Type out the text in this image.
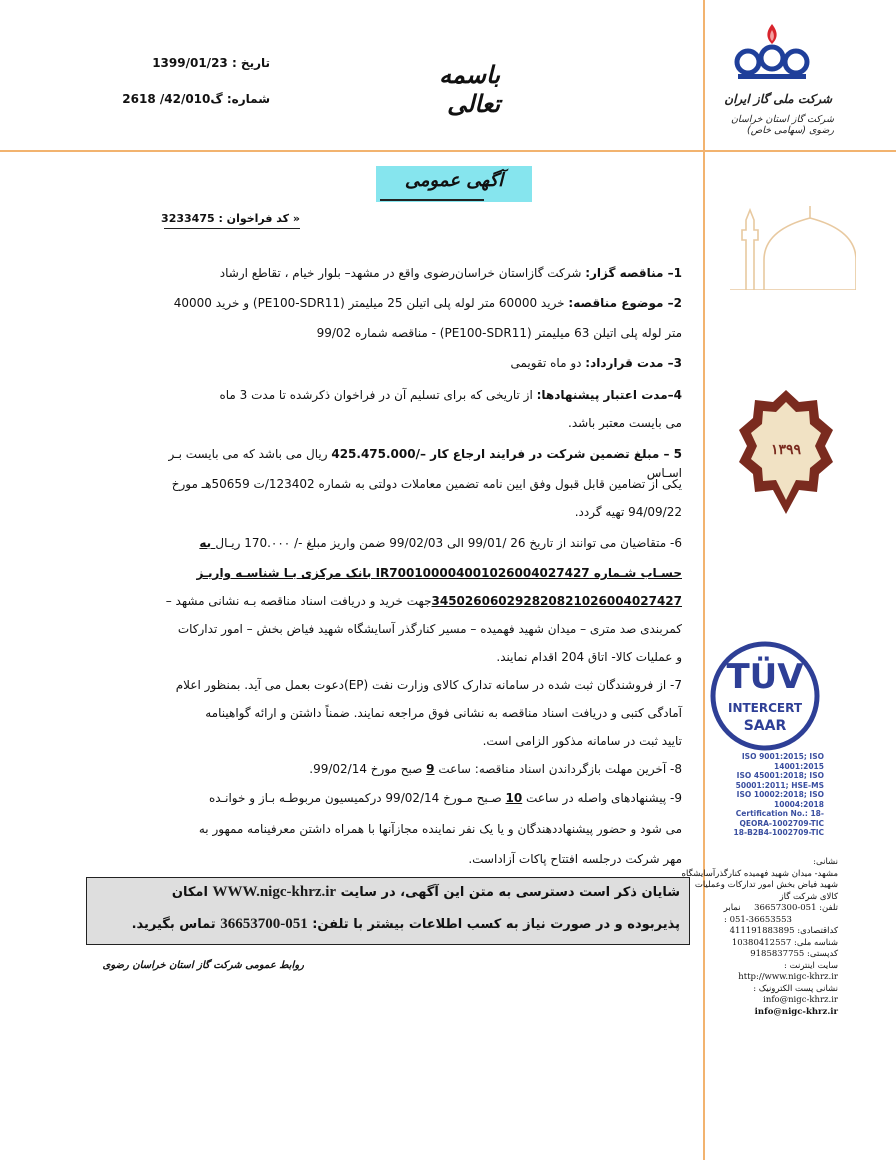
تاریخ : 1399/01/23
شماره: گ42/010/ 2618
باسمه تعالی	شرکت ملی گاز ایران
شرکت گاز استان خراسان رضوی (سهامی خاص)
آگهی عمومی
« کد فراخوان : 3233475
1– مناقصه گزار: شرکت گازاستان خراسان‌رضوی واقع در مشهد– بلوار خیام ، تقاطع ارشاد
2– موضوع مناقصه: خرید 60000 متر لوله پلی اتیلن 25 میلیمتر (PE100-SDR11) و خرید 40000
متر لوله پلی اتیلن 63 میلیمتر (PE100-SDR11) - مناقصه شماره 99/02
3– مدت قرارداد: دو ماه تقویمی
4–مدت اعتبار پیشنهادها: از تاریخی که برای تسلیم آن در فراخوان ذکرشده تا مدت 3 ماه
می بایست معتبر باشد.
5 – مبلغ تضمین شرکت در فرایند ارجاع کار –/425.475.000 ریال می باشد که می بایست بـر اسـاس
یکی از تضامین قابل قبول وفق ایین نامه تضمین معاملات دولتی به شماره 123402/ت 50659هـ مورخ
94/09/22 تهیه گردد.
6- متقاضیان می توانند از تاریخ 26 /99/01 الی 99/02/03 ضمن واریز مبلغ -/ 170.۰۰۰ ریـال به
حسـاب شـماره IR700100004001026004027427 بانک مرکزی بـا شناسـه واریـز
345026060292820821026004027427جهت خرید و دریافت اسناد مناقصه بـه نشانی مشهد –
کمربندی صد متری – میدان شهید فهمیده – مسیر کنارگذر آسایشگاه شهید فیاض بخش – امور تدارکات
و عملیات کالا- اتاق 204 اقدام نمایند.
7- از فروشندگان ثبت شده در سامانه تدارک کالای وزارت نفت (EP)دعوت بعمل می آید. بمنظور اعلام
آمادگی کتبی و دریافت اسناد مناقصه به نشانی فوق مراجعه نمایند. ضمناً داشتن و ارائه گواهینامه
تایید ثبت در سامانه مذکور الزامی است.
8- آخرین مهلت بازگرداندن اسناد مناقصه: ساعت 9 صبح مورخ 99/02/14.
9- پیشنهادهای واصله در ساعت 10 صـبح مـورخ 99/02/14 درکمیسیون مربوطـه بـاز و خوانـده
می شود و حضور پیشنهاددهندگان و یا یک نفر نماینده مجازآنها با همراه داشتن معرفینامه ممهور به
مهر شرکت درجلسه افتتاح پاکات آزاداست.
شایان ذکر است دسترسی به متن این آگهی، در سایت WWW.nigc-khrz.ir امکان
پذیربوده و در صورت نیاز به کسب اطلاعات بیشتر با تلفن: 051-36653700 تماس بگیرید.
روابط عمومی شرکت گاز استان خراسان رضوی
۱۳۹۹
TÜV
INTERCERT
SAAR
ISO 9001:2015; ISO 14001:2015
ISO 45001:2018; ISO 50001:2011; HSE-MS
ISO 10002:2018; ISO 10004:2018
Certification No.: 18-QEORA-1002709-TIC
18-B2B4-1002709-TIC
نشانی:
مشهد- میدان شهید فهمیده کنارگذرآسایشگاه
شهید فیاض بخش امور تدارکات وعملیات
کالای شرکت گاز
تلفن: 051-36657300     نمابر
051-36653553 :
کداقتصادی: 411191883895
شناسه ملی: 10380412557
کدپستی: 9185837755
سایت اینترنت :
http://www.nigc-khrz.ir
نشانی پست الکترونیک :
info@nigc-khrz.ir
info@nigc-khrz.ir
